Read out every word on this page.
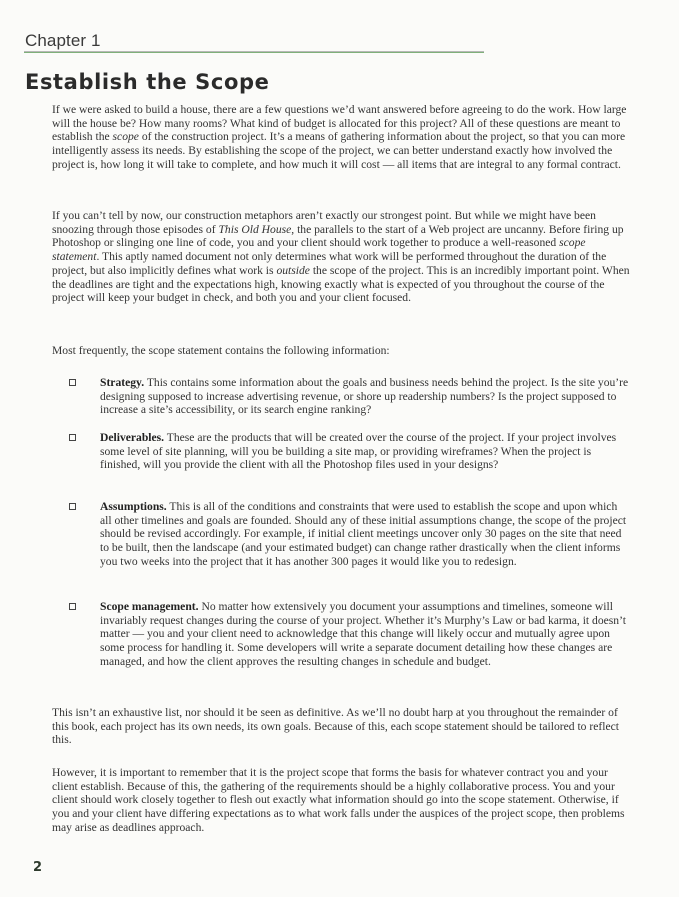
Chapter 1
Establish the Scope

If we were asked to build a house, there are a few questions we’d want answered before agreeing to do the work. How large will the house be? How many rooms? What kind of budget is allocated for this project? All of these questions are meant to establish the scope of the construction project. It’s a means of gathering information about the project, so that you can more intelligently assess its needs. By establishing the scope of the project, we can better understand exactly how involved the project is, how long it will take to complete, and how much it will cost — all items that are integral to any formal contract.

If you can’t tell by now, our construction metaphors aren’t exactly our strongest point. But while we might have been snoozing through those episodes of This Old House, the parallels to the start of a Web project are uncanny. Before firing up Photoshop or slinging one line of code, you and your client should work together to produce a well-reasoned scope statement. This aptly named document not only determines what work will be performed throughout the duration of the project, but also implicitly defines what work is outside the scope of the project. This is an incredibly important point. When the deadlines are tight and the expectations high, knowing exactly what is expected of you throughout the course of the project will keep your budget in check, and both you and your client focused.

Most frequently, the scope statement contains the following information:

Strategy. This contains some information about the goals and business needs behind the project. Is the site you’re designing supposed to increase advertising revenue, or shore up readership numbers? Is the project supposed to increase a site’s accessibility, or its search engine ranking?
Deliverables. These are the products that will be created over the course of the project. If your project involves some level of site planning, will you be building a site map, or providing wireframes? When the project is finished, will you provide the client with all the Photoshop files used in your designs?
Assumptions. This is all of the conditions and constraints that were used to establish the scope and upon which all other timelines and goals are founded. Should any of these initial assumptions change, the scope of the project should be revised accordingly. For example, if initial client meetings uncover only 30 pages on the site that need to be built, then the landscape (and your estimated budget) can change rather drastically when the client informs you two weeks into the project that it has another 300 pages it would like you to redesign.
Scope management. No matter how extensively you document your assumptions and timelines, someone will invariably request changes during the course of your project. Whether it’s Murphy’s Law or bad karma, it doesn’t matter — you and your client need to acknowledge that this change will likely occur and mutually agree upon some process for handling it. Some developers will write a separate document detailing how these changes are managed, and how the client approves the resulting changes in schedule and budget.

This isn’t an exhaustive list, nor should it be seen as definitive. As we’ll no doubt harp at you throughout the remainder of this book, each project has its own needs, its own goals. Because of this, each scope statement should be tailored to reflect this.

However, it is important to remember that it is the project scope that forms the basis for whatever contract you and your client establish. Because of this, the gathering of the requirements should be a highly collaborative process. You and your client should work closely together to flesh out exactly what information should go into the scope statement. Otherwise, if you and your client have differing expectations as to what work falls under the auspices of the project scope, then problems may arise as deadlines approach.

2
